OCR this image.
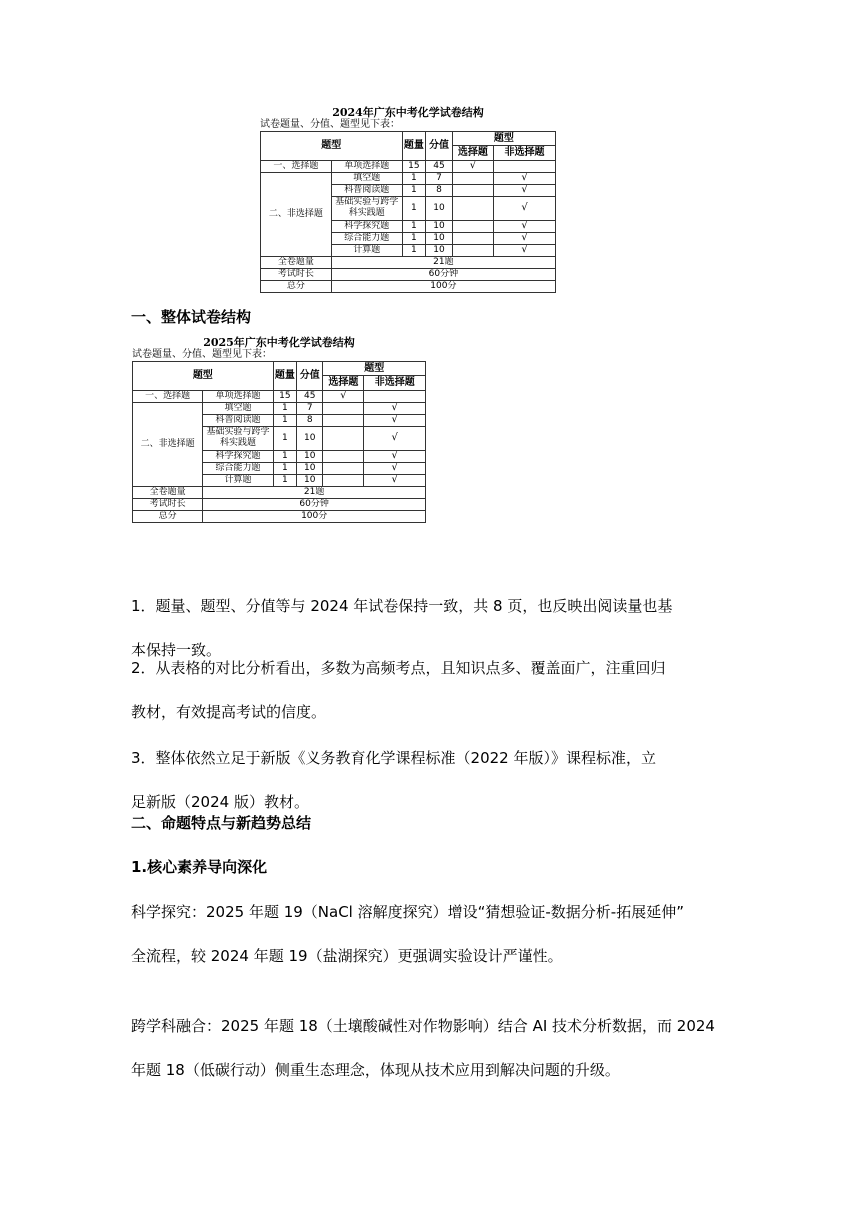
一、整体试卷结构
2024年广东中考化学试卷结构
试卷题量、分值、题型见下表：
题型		题量	分值	题型	
				选择题	非选择题
一、选择题	单项选择题	15	45	√	
二、非选择题	填空题	1	7		√
	科普阅读题	1	8		√
	基础实验与跨学科实践题	1	10		√
	科学探究题	1	10		√
	综合能力题	1	10		√
	计算题	1	10		√
全卷题量	21题				
考试时长	60分钟				
总分	100分				
2025年广东中考化学试卷结构
试卷题量、分值、题型见下表：
题型		题量	分值	题型	
				选择题	非选择题
一、选择题	单项选择题	15	45	√	
二、非选择题	填空题	1	7		√
	科普阅读题	1	8		√
	基础实验与跨学科实践题	1	10		√
	科学探究题	1	10		√
	综合能力题	1	10		√
	计算题	1	10		√
全卷题量	21题				
考试时长	60分钟				
总分	100分				
1．题量、题型、分值等与 2024 年试卷保持一致，共 8 页，也反映出阅读量也基
本保持一致。
2．从表格的对比分析看出，多数为高频考点，且知识点多、覆盖面广，注重回归
教材，有效提高考试的信度。
3．整体依然立足于新版《义务教育化学课程标准（2022 年版）》课程标准，立
足新版（2024 版）教材。
二、命题特点与新趋势总结
1.核心素养导向深化
科学探究：2025 年题 19（NaCl 溶解度探究）增设“猜想验证-数据分析-拓展延伸”
全流程，较 2024 年题 19（盐湖探究）更强调实验设计严谨性。
跨学科融合：2025 年题 18（土壤酸碱性对作物影响）结合 AI 技术分析数据，而 2024
年题 18（低碳行动）侧重生态理念，体现从技术应用到解决问题的升级。
